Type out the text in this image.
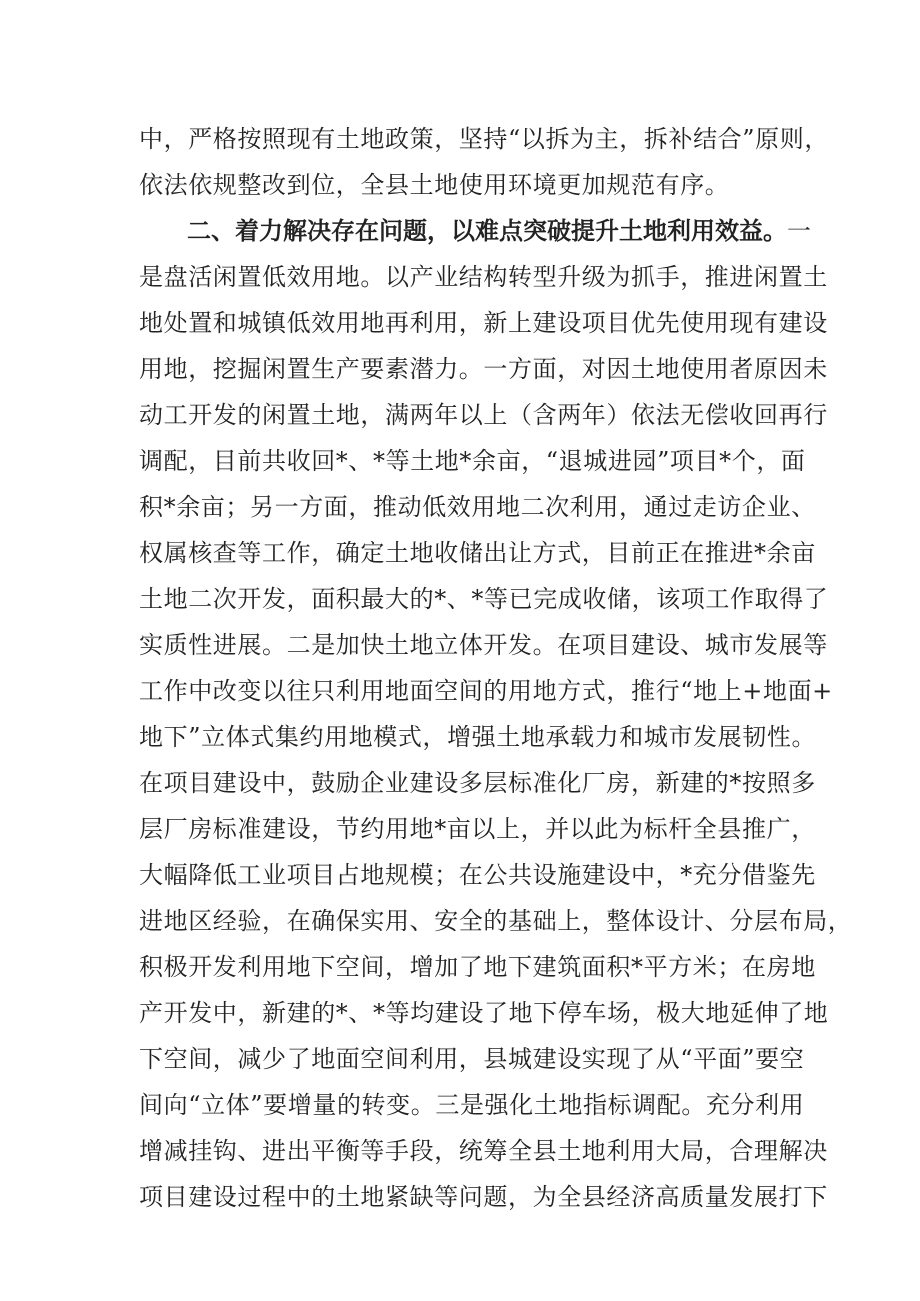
中，严格按照现有土地政策，坚持“以拆为主，拆补结合”原则，
依法依规整改到位，全县土地使用环境更加规范有序。
二、着力解决存在问题，以难点突破提升土地利用效益。一
是盘活闲置低效用地。以产业结构转型升级为抓手，推进闲置土
地处置和城镇低效用地再利用，新上建设项目优先使用现有建设
用地，挖掘闲置生产要素潜力。一方面，对因土地使用者原因未
动工开发的闲置土地，满两年以上（含两年）依法无偿收回再行
调配，目前共收回*、*等土地*余亩，“退城进园”项目*个，面
积*余亩；另一方面，推动低效用地二次利用，通过走访企业、
权属核查等工作，确定土地收储出让方式，目前正在推进*余亩
土地二次开发，面积最大的*、*等已完成收储，该项工作取得了
实质性进展。二是加快土地立体开发。在项目建设、城市发展等
工作中改变以往只利用地面空间的用地方式，推行“地上+地面+
地下”立体式集约用地模式，增强土地承载力和城市发展韧性。
在项目建设中，鼓励企业建设多层标准化厂房，新建的*按照多
层厂房标准建设，节约用地*亩以上，并以此为标杆全县推广，
大幅降低工业项目占地规模；在公共设施建设中，*充分借鉴先
进地区经验，在确保实用、安全的基础上，整体设计、分层布局，
积极开发利用地下空间，增加了地下建筑面积*平方米；在房地
产开发中，新建的*、*等均建设了地下停车场，极大地延伸了地
下空间，减少了地面空间利用，县城建设实现了从“平面”要空
间向“立体”要增量的转变。三是强化土地指标调配。充分利用
增减挂钩、进出平衡等手段，统筹全县土地利用大局，合理解决
项目建设过程中的土地紧缺等问题，为全县经济高质量发展打下
